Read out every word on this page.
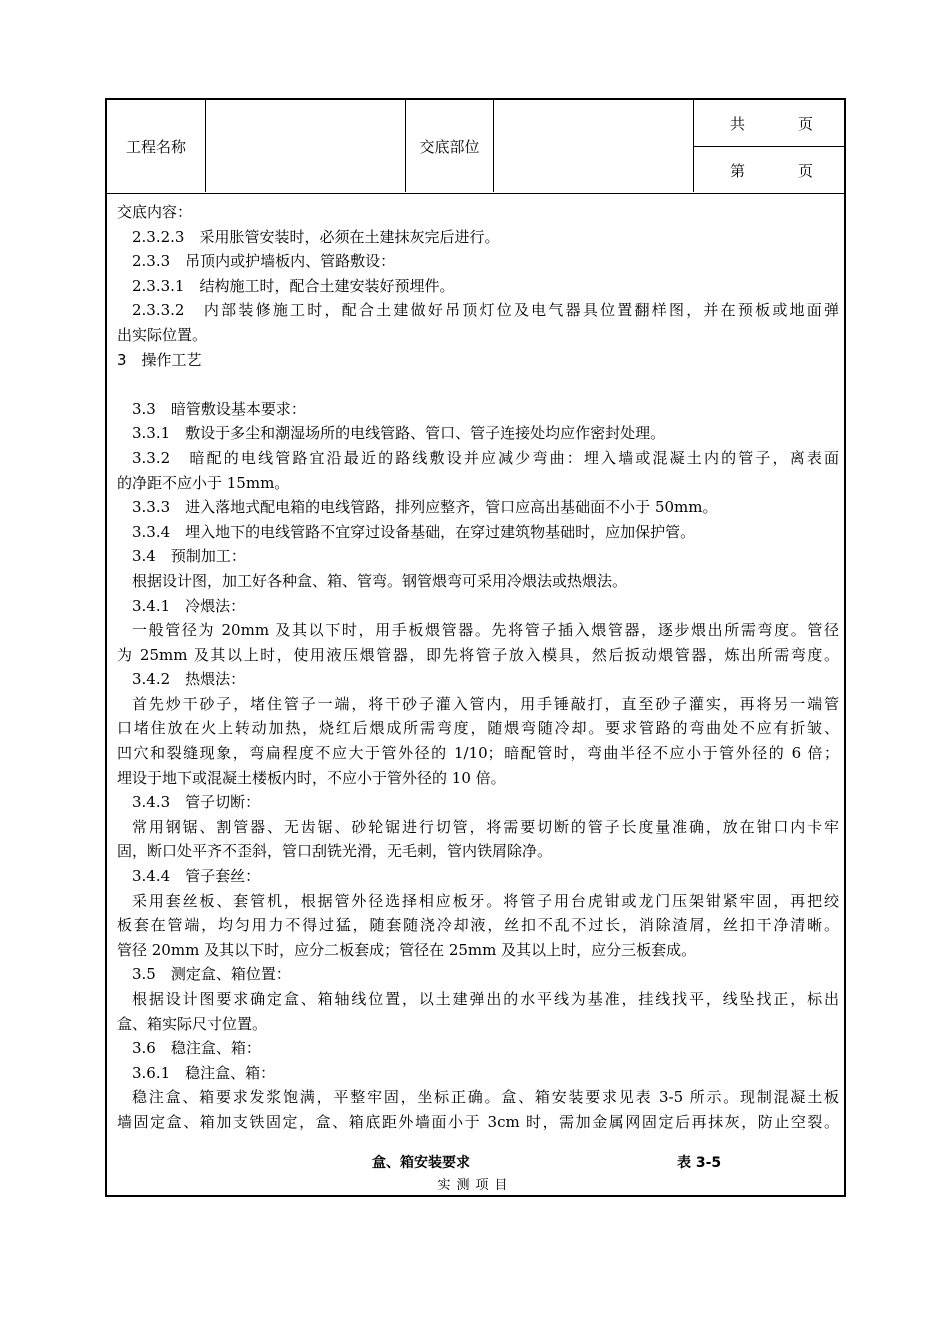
工程名称	交底部位
共	页
第	页
交底内容：
2.3.2.3　采用胀管安装时，必须在土建抹灰完后进行。
2.3.3　吊顶内或护墙板内、管路敷设：
2.3.3.1　结构施工时，配合土建安装好预埋件。
2.3.3.2　内部装修施工时，配合土建做好吊顶灯位及电气器具位置翻样图，并在预板或地面弹
出实际位置。
3　操作工艺

3.3　暗管敷设基本要求：
3.3.1　敷设于多尘和潮湿场所的电线管路、管口、管子连接处均应作密封处理。
3.3.2　暗配的电线管路宜沿最近的路线敷设并应减少弯曲：埋入墙或混凝土内的管子，离表面
的净距不应小于 15mm。
3.3.3　进入落地式配电箱的电线管路，排列应整齐，管口应高出基础面不小于 50mm。
3.3.4　埋入地下的电线管路不宜穿过设备基础，在穿过建筑物基础时，应加保护管。
3.4　预制加工：
根据设计图，加工好各种盒、箱、管弯。钢管煨弯可采用冷煨法或热煨法。
3.4.1　冷煨法：
一般管径为 20mm 及其以下时，用手板煨管器。先将管子插入煨管器，逐步煨出所需弯度。管径
为 25mm 及其以上时，使用液压煨管器，即先将管子放入模具，然后扳动煨管器，炼出所需弯度。
3.4.2　热煨法：
首先炒干砂子，堵住管子一端，将干砂子灌入管内，用手锤敲打，直至砂子灌实，再将另一端管
口堵住放在火上转动加热，烧红后煨成所需弯度，随煨弯随冷却。要求管路的弯曲处不应有折皱、
凹穴和裂缝现象，弯扁程度不应大于管外径的 1/10；暗配管时，弯曲半径不应小于管外径的 6 倍；
埋设于地下或混凝土楼板内时，不应小于管外径的 10 倍。
3.4.3　管子切断：
常用钢锯、割管器、无齿锯、砂轮锯进行切管，将需要切断的管子长度量准确，放在钳口内卡牢
固，断口处平齐不歪斜，管口刮铣光滑，无毛刺，管内铁屑除净。
3.4.4　管子套丝：
采用套丝板、套管机，根据管外径选择相应板牙。将管子用台虎钳或龙门压架钳紧牢固，再把绞
板套在管端，均匀用力不得过猛，随套随浇冷却液，丝扣不乱不过长，消除渣屑，丝扣干净清晰。
管径 20mm 及其以下时，应分二板套成；管径在 25mm 及其以上时，应分三板套成。
3.5　测定盒、箱位置：
根据设计图要求确定盒、箱轴线位置，以土建弹出的水平线为基准，挂线找平，线坠找正，标出
盒、箱实际尺寸位置。
3.6　稳注盒、箱：
3.6.1　稳注盒、箱：
稳注盒、箱要求发浆饱满，平整牢固，坐标正确。盒、箱安装要求见表 3-5 所示。现制混凝土板
墙固定盒、箱加支铁固定，盒、箱底距外墙面小于 3cm 时，需加金属网固定后再抹灰，防止空裂。
盒、箱安装要求	表 3-5
实测项目
